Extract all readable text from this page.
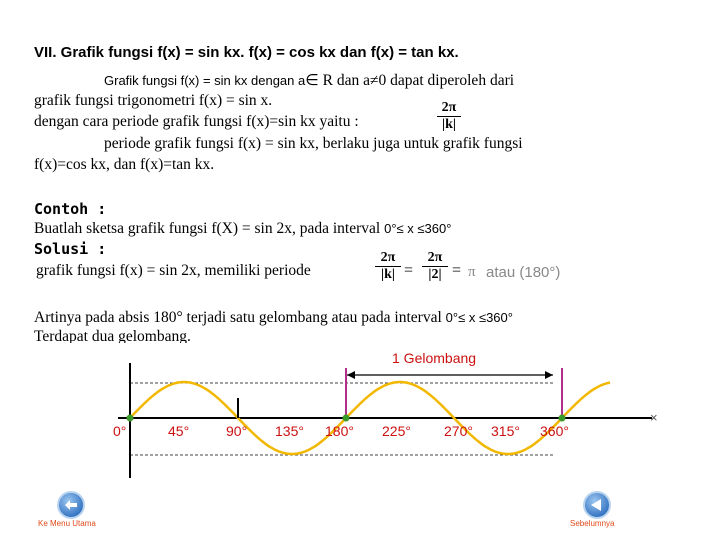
VII. Grafik fungsi f(x) = sin kx. f(x) = cos kx dan f(x) = tan kx.
Grafik fungsi f(x) = sin kx dengan a∈ R dan a≠0 dapat diperoleh dari
grafik fungsi trigonometri f(x) = sin x.
dengan cara periode grafik fungsi f(x)=sin kx yaitu :	$\frac{2\pi}{|k|}$
periode grafik fungsi f(x) = sin kx, berlaku juga untuk grafik fungsi
f(x)=cos kx, dan f(x)=tan kx.
Contoh :
Buatlah sketsa grafik fungsi f(X) = sin 2x, pada interval 0°≤ x ≤360°
Solusi :
grafik fungsi f(x) = sin 2x, memiliki periode	$\frac{2\pi}{|k|} = \frac{2\pi}{|2|} = \pi$ atau (180°)
Artinya pada absis 180° terjadi satu gelombang atau pada interval 0°≤ x ≤360°
Terdapat dua gelombang.
×
1 Gelombang
0°	45°	90° 135° 180° 225° 270° 315° 360°
Ke Menu Utama	Sebelumnya
